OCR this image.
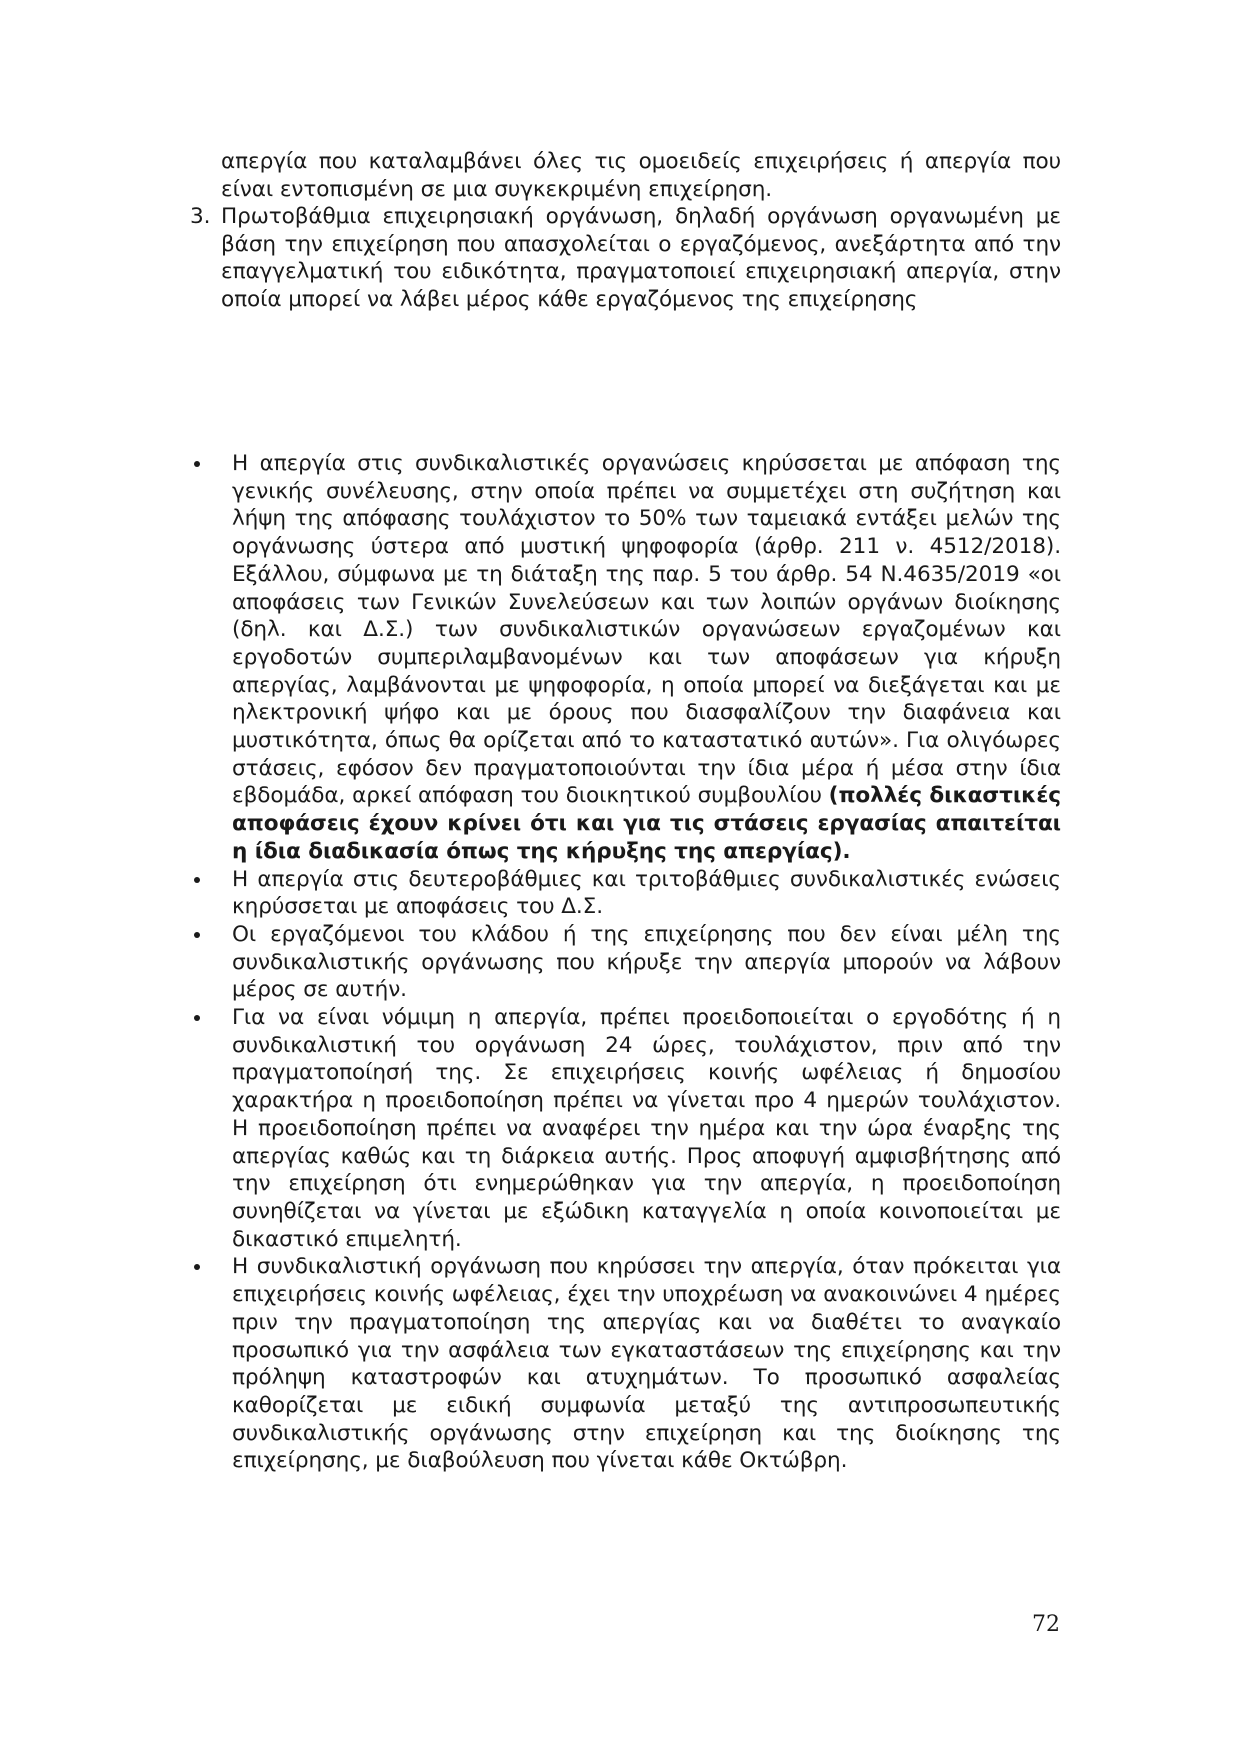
απεργία που καταλαμβάνει όλες τις ομοειδείς επιχειρήσεις ή απεργία που είναι εντοπισμένη σε μια συγκεκριμένη επιχείρηση.

3. Πρωτοβάθμια επιχειρησιακή οργάνωση, δηλαδή οργάνωση οργανωμένη με βάση την επιχείρηση που απασχολείται ο εργαζόμενος, ανεξάρτητα από την επαγγελματική του ειδικότητα, πραγματοποιεί επιχειρησιακή απεργία, στην οποία μπορεί να λάβει μέρος κάθε εργαζόμενος της επιχείρησης
Η απεργία στις συνδικαλιστικές οργανώσεις κηρύσσεται με απόφαση της γενικής συνέλευσης, στην οποία πρέπει να συμμετέχει στη συζήτηση και λήψη της απόφασης τουλάχιστον το 50% των ταμειακά εντάξει μελών της οργάνωσης ύστερα από μυστική ψηφοφορία (άρθρ. 211 ν. 4512/2018). Εξάλλου, σύμφωνα με τη διάταξη της παρ. 5 του άρθρ. 54 Ν.4635/2019 «οι αποφάσεις των Γενικών Συνελεύσεων και των λοιπών οργάνων διοίκησης (δηλ. και Δ.Σ.) των συνδικαλιστικών οργανώσεων εργαζομένων και εργοδοτών συμπεριλαμβανομένων και των αποφάσεων για κήρυξη απεργίας, λαμβάνονται με ψηφοφορία, η οποία μπορεί να διεξάγεται και με ηλεκτρονική ψήφο και με όρους που διασφαλίζουν την διαφάνεια και μυστικότητα, όπως θα ορίζεται από το καταστατικό αυτών». Για ολιγόωρες στάσεις, εφόσον δεν πραγματοποιούνται την ίδια μέρα ή μέσα στην ίδια εβδομάδα, αρκεί απόφαση του διοικητικού συμβουλίου (πολλές δικαστικές αποφάσεις έχουν κρίνει ότι και για τις στάσεις εργασίας απαιτείται η ίδια διαδικασία όπως της κήρυξης της απεργίας).
Η απεργία στις δευτεροβάθμιες και τριτοβάθμιες συνδικαλιστικές ενώσεις κηρύσσεται με αποφάσεις του Δ.Σ.
Οι εργαζόμενοι του κλάδου ή της επιχείρησης που δεν είναι μέλη της συνδικαλιστικής οργάνωσης που κήρυξε την απεργία μπορούν να λάβουν μέρος σε αυτήν.
Για να είναι νόμιμη η απεργία, πρέπει προειδοποιείται ο εργοδότης ή η συνδικαλιστική του οργάνωση 24 ώρες, τουλάχιστον, πριν από την πραγματοποίησή της. Σε επιχειρήσεις κοινής ωφέλειας ή δημοσίου χαρακτήρα η προειδοποίηση πρέπει να γίνεται προ 4 ημερών τουλάχιστον. Η προειδοποίηση πρέπει να αναφέρει την ημέρα και την ώρα έναρξης της απεργίας καθώς και τη διάρκεια αυτής. Προς αποφυγή αμφισβήτησης από την επιχείρηση ότι ενημερώθηκαν για την απεργία, η προειδοποίηση συνηθίζεται να γίνεται με εξώδικη καταγγελία η οποία κοινοποιείται με δικαστικό επιμελητή.
Η συνδικαλιστική οργάνωση που κηρύσσει την απεργία, όταν πρόκειται για επιχειρήσεις κοινής ωφέλειας, έχει την υποχρέωση να ανακοινώνει 4 ημέρες πριν την πραγματοποίηση της απεργίας και να διαθέτει το αναγκαίο προσωπικό για την ασφάλεια των εγκαταστάσεων της επιχείρησης και την πρόληψη καταστροφών και ατυχημάτων. Το προσωπικό ασφαλείας καθορίζεται με ειδική συμφωνία μεταξύ της αντιπροσωπευτικής συνδικαλιστικής οργάνωσης στην επιχείρηση και της διοίκησης της επιχείρησης, με διαβούλευση που γίνεται κάθε Οκτώβρη.
72
